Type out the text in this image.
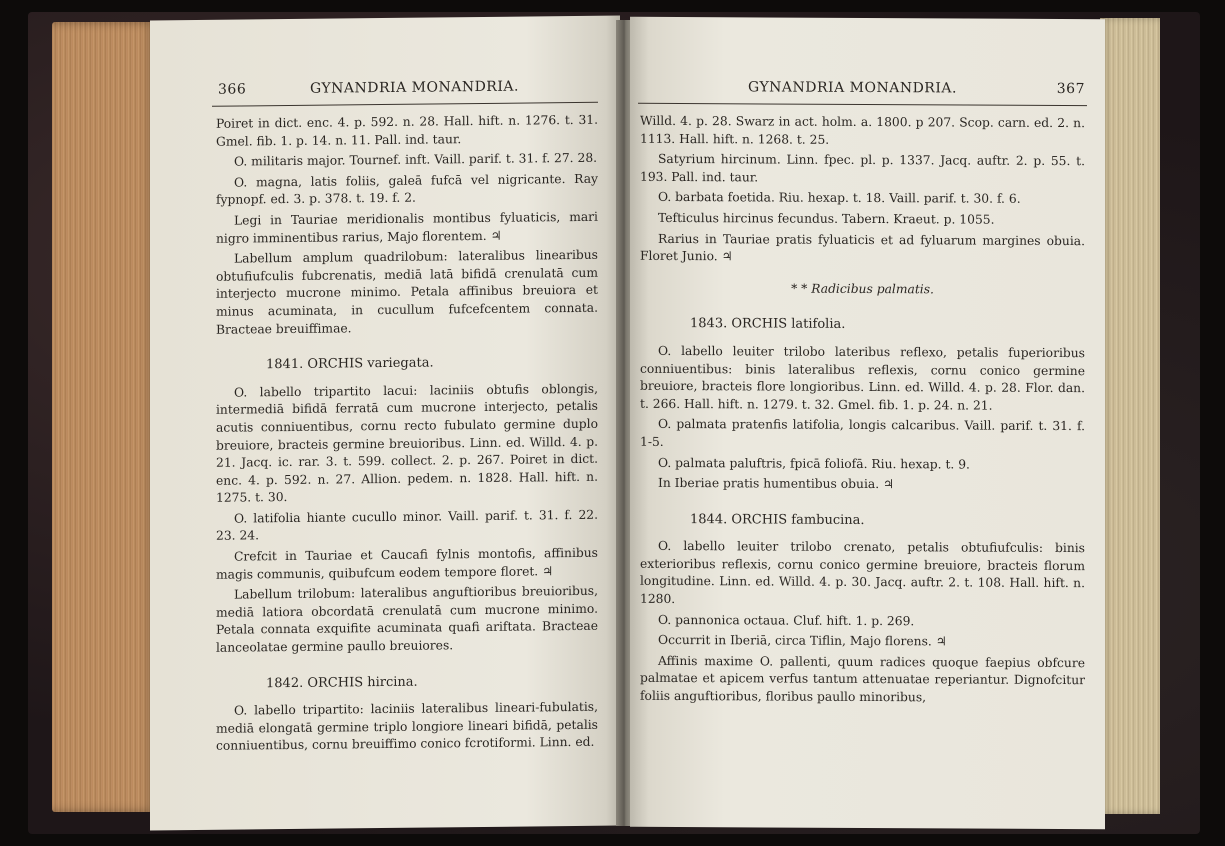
366	GYNANDRIA MONANDRIA.

Poiret in dict. enc. 4. p. 592. n. 28. Hall. hift. n. 1276. t. 31. Gmel. fib. 1. p. 14. n. 11. Pall. ind. taur.

O. militaris major. Tournef. inft. Vaill. parif. t. 31. f. 27. 28.

O. magna, latis foliis, galeā fufcā vel nigricante. Ray fypnopf. ed. 3. p. 378. t. 19. f. 2.

Legi in Tauriae meridionalis montibus fyluaticis, mari nigro imminentibus rarius, Majo florentem. ♃

Labellum amplum quadrilobum: lateralibus linearibus obtufiufculis fubcrenatis, mediā latā bifidā crenulatā cum interjecto mucrone minimo. Petala affinibus breuiora et minus acuminata, in cucullum fufcefcentem connata. Bracteae breuiffimae.

1841. ORCHIS variegata.

O. labello tripartito lacui: laciniis obtufis oblongis, intermediā bifidā ferratā cum mucrone interjecto, petalis acutis conniuentibus, cornu recto fubulato germine duplo breuiore, bracteis germine breuioribus. Linn. ed. Willd. 4. p. 21. Jacq. ic. rar. 3. t. 599. collect. 2. p. 267. Poiret in dict. enc. 4. p. 592. n. 27. Allion. pedem. n. 1828. Hall. hift. n. 1275. t. 30.

O. latifolia hiante cucullo minor. Vaill. parif. t. 31. f. 22. 23. 24.

Crefcit in Tauriae et Caucafi fylnis montofis, affinibus magis communis, quibufcum eodem tempore floret. ♃

Labellum trilobum: lateralibus anguftioribus breuioribus, mediā latiora obcordatā crenulatā cum mucrone minimo. Petala connata exquifite acuminata quafi ariftata. Bracteae lanceolatae germine paullo breuiores.

1842. ORCHIS hircina.

O. labello tripartito: laciniis lateralibus lineari-fubulatis, mediā elongatā germine triplo longiore lineari bifidā, petalis conniuentibus, cornu breuiffimo conico fcrotiformi. Linn. ed.

GYNANDRIA MONANDRIA.	367

Willd. 4. p. 28. Swarz in act. holm. a. 1800. p 207. Scop. carn. ed. 2. n. 1113. Hall. hift. n. 1268. t. 25.

Satyrium hircinum. Linn. fpec. pl. p. 1337. Jacq. auftr. 2. p. 55. t. 193. Pall. ind. taur.

O. barbata foetida. Riu. hexap. t. 18. Vaill. parif. t. 30. f. 6.

Tefticulus hircinus fecundus. Tabern. Kraeut. p. 1055.

Rarius in Tauriae pratis fyluaticis et ad fyluarum margines obuia. Floret Junio. ♃

* * Radicibus palmatis.

1843. ORCHIS latifolia.

O. labello leuiter trilobo lateribus reflexo, petalis fuperioribus conniuentibus: binis lateralibus reflexis, cornu conico germine breuiore, bracteis flore longioribus. Linn. ed. Willd. 4. p. 28. Flor. dan. t. 266. Hall. hift. n. 1279. t. 32. Gmel. fib. 1. p. 24. n. 21.

O. palmata pratenfis latifolia, longis calcaribus. Vaill. parif. t. 31. f. 1-5.

O. palmata paluftris, fpicā foliofā. Riu. hexap. t. 9.

In Iberiae pratis humentibus obuia. ♃

1844. ORCHIS fambucina.

O. labello leuiter trilobo crenato, petalis obtufiufculis: binis exterioribus reflexis, cornu conico germine breuiore, bracteis florum longitudine. Linn. ed. Willd. 4. p. 30. Jacq. auftr. 2. t. 108. Hall. hift. n. 1280.

O. pannonica octaua. Cluf. hift. 1. p. 269.

Occurrit in Iberiā, circa Tiflin, Majo florens. ♃

Affinis maxime O. pallenti, quum radices quoque faepius obfcure palmatae et apicem verfus tantum attenuatae reperiantur. Dignofcitur foliis anguftioribus, floribus paullo minoribus,
